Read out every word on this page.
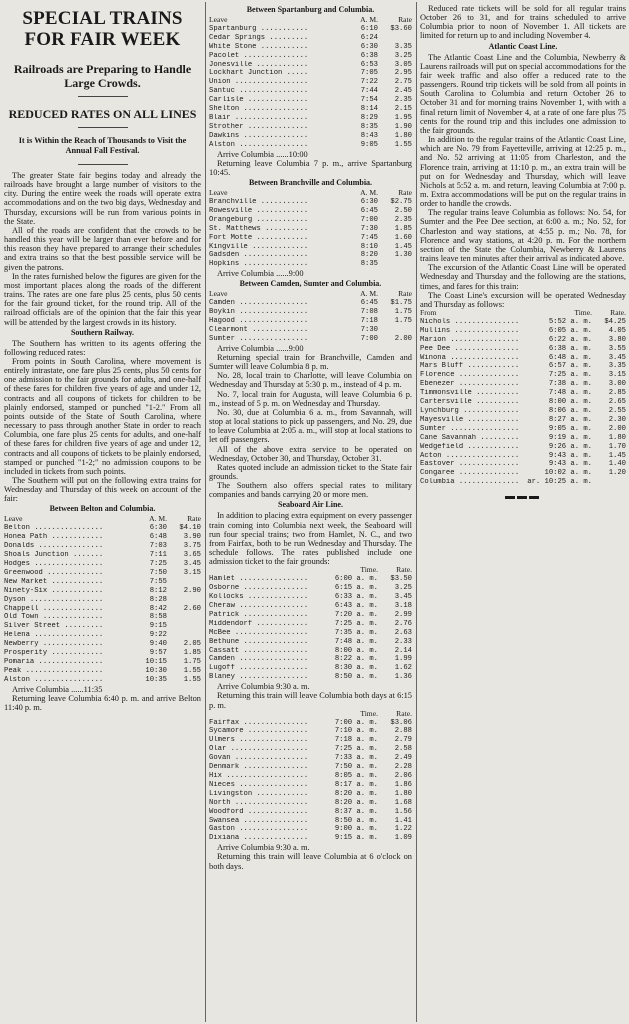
SPECIAL TRAINS FOR FAIR WEEK
Railroads are Preparing to Handle Large Crowds.
REDUCED RATES ON ALL LINES
It is Within the Reach of Thousands to Visit the Annual Fall Festival.

The greater State fair begins today and already the railroads have brought a large number of visitors to the city. During the entire week the roads will operate extra accommodations and on the two big days, Wednesday and Thursday, excursions will be run from various points in the State.

All of the roads are confident that the crowds to be handled this year will be larger than ever before and for this reason they have prepared to arrange their schedules and extra trains so that the best possible service will be given the patrons.

In the rates furnished below the figures are given for the most important places along the roads of the different trains. The rates are one fare plus 25 cents, plus 50 cents for the fair ground ticket, for the round trip. All of the railroad officials are of the opinion that the fair this year will be attended by the largest crowds in its history.

Southern Railway.

The Southern has written to its agents offering the following reduced rates:

From points in South Carolina, where movement is entirely intrastate, one fare plus 25 cents, plus 50 cents for one admission to the fair grounds for adults, and one-half of these fares for children five years of age and under 12, contracts and all coupons of tickets for children to be plainly endorsed, stamped or punched "1-2." From all points outside of the State of South Carolina, where necessary to pass through another State in order to reach Columbia, one fare plus 25 cents for adults, and one-half of these fares for children five years of age and under 12, contracts and all coupons of tickets to be plainly endorsed, stamped or punched "1-2;" no admission coupons to be included in tickets from such points.

The Southern will put on the following extra trains for Wednesday and Thursday of this week on account of the fair:

Between Belton and Columbia.

Leave	A. M.	Rate
Belton ................	6:30	$4.10
Honea Path ............	6:48	3.90
Donalds ...............	7:03	3.75
Shoals Junction .......	7:11	3.65
Hodges ................	7:25	3.45
Greenwood .............	7:50	3.15
New Market ............	7:55	
Ninety-Six ............	8:12	2.90
Dyson .................	8:28	
Chappell ..............	8:42	2.60
Old Town ..............	8:58	
Silver Street .........	9:15	
Helena ................	9:22	
Newberry ..............	9:40	2.05
Prosperity ............	9:57	1.85
Pomaria ...............	10:15	1.75
Peak ..................	10:30	1.55
Alston ................	10:35	1.55
Arrive Columbia ......11:35

Returning leave Columbia 6:40 p. m. and arrive Belton 11:40 p. m.

Between Spartanburg and Columbia.

Leave	A. M.	Rate
Spartanburg ...........	6:10	$3.60
Cedar Springs .........	6:24	
White Stone ...........	6:30	3.35
Pacolet ...............	6:38	3.25
Jonesville ............	6:53	3.05
Lockhart Junction .....	7:05	2.95
Union .................	7:22	2.75
Santuc ................	7:44	2.45
Carlisle ..............	7:54	2.35
Shelton ...............	8:14	2.15
Blair .................	8:29	1.95
Strother ..............	8:35	1.90
Dawkins ...............	8:43	1.80
Alston ................	9:05	1.55
Arrive Columbia ......10:00

Returning leave Columbia 7 p. m., arrive Spartanburg 10:45.

Between Branchville and Columbia.

Leave	A. M.	Rate
Branchville ...........	6:30	$2.75
Rowesville ............	6:45	2.50
Orangeburg ............	7:00	2.35
St. Matthews ..........	7:30	1.85
Fort Motte ............	7:45	1.60
Kingville .............	8:10	1.45
Gadsden ...............	8:20	1.30
Hopkins ...............	8:35	
Arrive Columbia ......9:00

Between Camden, Sumter and Columbia.

Leave	A. M.	Rate
Camden ................	6:45	$1.75
Boykin ................	7:08	1.75
Hagood ................	7:18	1.75
Clearmont .............	7:30	
Sumter ................	7:00	2.00
Arrive Columbia ......9:00

Returning special train for Branchville, Camden and Sumter will leave Columbia 8 p. m.

No. 28, local train to Charlotte, will leave Columbia on Wednesday and Thursday at 5:30 p. m., instead of 4 p. m.

No. 7, local train for Augusta, will leave Columbia 6 p. m., instead of 5 p. m. on Wednesday and Thursday.

No. 30, due at Columbia 6 a. m., from Savannah, will stop at local stations to pick up passengers, and No. 29, due to leave Columbia at 2:05 a. m., will stop at local stations to let off passengers.

All of the above extra service to be operated on Wednesday, October 30, and Thursday, October 31.

Rates quoted include an admission ticket to the State fair grounds.

The Southern also offers special rates to military companies and bands carrying 20 or more men.

Seaboard Air Line.

In addition to placing extra equipment on every passenger train coming into Columbia next week, the Seaboard will run four special trains; two from Hamlet, N. C., and two from Fairfax, both to be run Wednesday and Thursday. The schedule follows. The rates published include one admission ticket to the fair grounds:

	Time.	Rate.
Hamlet ................	6:00 a. m.	$3.50
Osborne ...............	6:15 a. m.	3.25
Kollocks ..............	6:33 a. m.	3.45
Cheraw ................	6:43 a. m.	3.18
Patrick ...............	7:20 a. m.	2.99
Middendorf ............	7:25 a. m.	2.76
McBee .................	7:35 a. m.	2.63
Bethune ...............	7:48 a. m.	2.33
Cassatt ...............	8:00 a. m.	2.14
Camden ................	8:22 a. m.	1.99
Lugoff ................	8:30 a. m.	1.62
Blaney ................	8:50 a. m.	1.36
Arrive Columbia 9:30 a. m.

Returning this train will leave Columbia both days at 6:15 p. m.

	Time.	Rate.
Fairfax ...............	7:00 a. m.	$3.06
Sycamore ..............	7:10 a. m.	2.88
Ulmers ................	7:18 a. m.	2.79
Olar ..................	7:25 a. m.	2.58
Govan .................	7:33 a. m.	2.49
Denmark ...............	7:50 a. m.	2.28
Hix ...................	8:05 a. m.	2.06
Nieces ................	8:17 a. m.	1.86
Livingston ............	8:20 a. m.	1.80
North .................	8:20 a. m.	1.68
Woodford ..............	8:37 a. m.	1.56
Swansea ...............	8:50 a. m.	1.41
Gaston ................	9:00 a. m.	1.22
Dixiana ...............	9:15 a. m.	1.09
Arrive Columbia 9:30 a. m.

Returning this train will leave Columbia at 6 o'clock on both days.

Reduced rate tickets will be sold for all regular trains October 26 to 31, and for trains scheduled to arrive Columbia prior to noon of November 1. All tickets are limited for return up to and including November 4.

Atlantic Coast Line.

The Atlantic Coast Line and the Columbia, Newberry & Laurens railroads will put on special accommodations for the fair week traffic and also offer a reduced rate to the passengers. Round trip tickets will be sold from all points in South Carolina to Columbia and return October 26 to October 31 and for morning trains November 1, with with a final return limit of November 4, at a rate of one fare plus 75 cents for the round trip and this includes one admission to the fair grounds.

In addition to the regular trains of the Atlantic Coast Line, which are No. 79 from Fayetteville, arriving at 12:25 p. m., and No. 52 arriving at 11:05 from Charleston, and the Florence train, arriving at 11:10 p. m., an extra train will be put on for Wednesday and Thursday, which will leave Nichols at 5:52 a. m. and return, leaving Columbia at 7:00 p. m. Extra accommodations will be put on the regular trains in order to handle the crowds.

The regular trains leave Columbia as follows: No. 54, for Sumter and the Pee Dee section, at 6:00 a. m.; No. 52, for Charleston and way stations, at 4:55 p. m.; No. 78, for Florence and way stations, at 4:20 p. m. For the northern section of the State the Columbia, Newberry & Laurens trains leave ten minutes after their arrival as indicated above.

The excursion of the Atlantic Coast Line will be operated Wednesday and Thursday and the following are the stations, times, and fares for this train:

The Coast Line's excursion will be operated Wednesday and Thursday as follows:

From	Time.	Rate.
Nichols ...............	5:52 a. m.	$4.25
Mullins ...............	6:05 a. m.	4.05
Marion ................	6:22 a. m.	3.80
Pee Dee ...............	6:38 a. m.	3.55
Winona ................	6:48 a. m.	3.45
Mars Bluff ............	6:57 a. m.	3.35
Florence ..............	7:25 a. m.	3.15
Ebenezer ..............	7:38 a. m.	3.00
Timmonsville ..........	7:48 a. m.	2.85
Cartersville ..........	8:00 a. m.	2.65
Lynchburg .............	8:06 a. m.	2.55
Mayesville ............	8:27 a. m.	2.30
Sumter ................	9:05 a. m.	2.00
Cane Savannah .........	9:19 a. m.	1.80
Wedgefield ............	9:26 a. m.	1.70
Acton .................	9:43 a. m.	1.45
Eastover ..............	9:43 a. m.	1.40
Congaree ..............	10:02 a. m.	1.20
Columbia ..............	ar. 10:25 a. m.	
▬▬▬
